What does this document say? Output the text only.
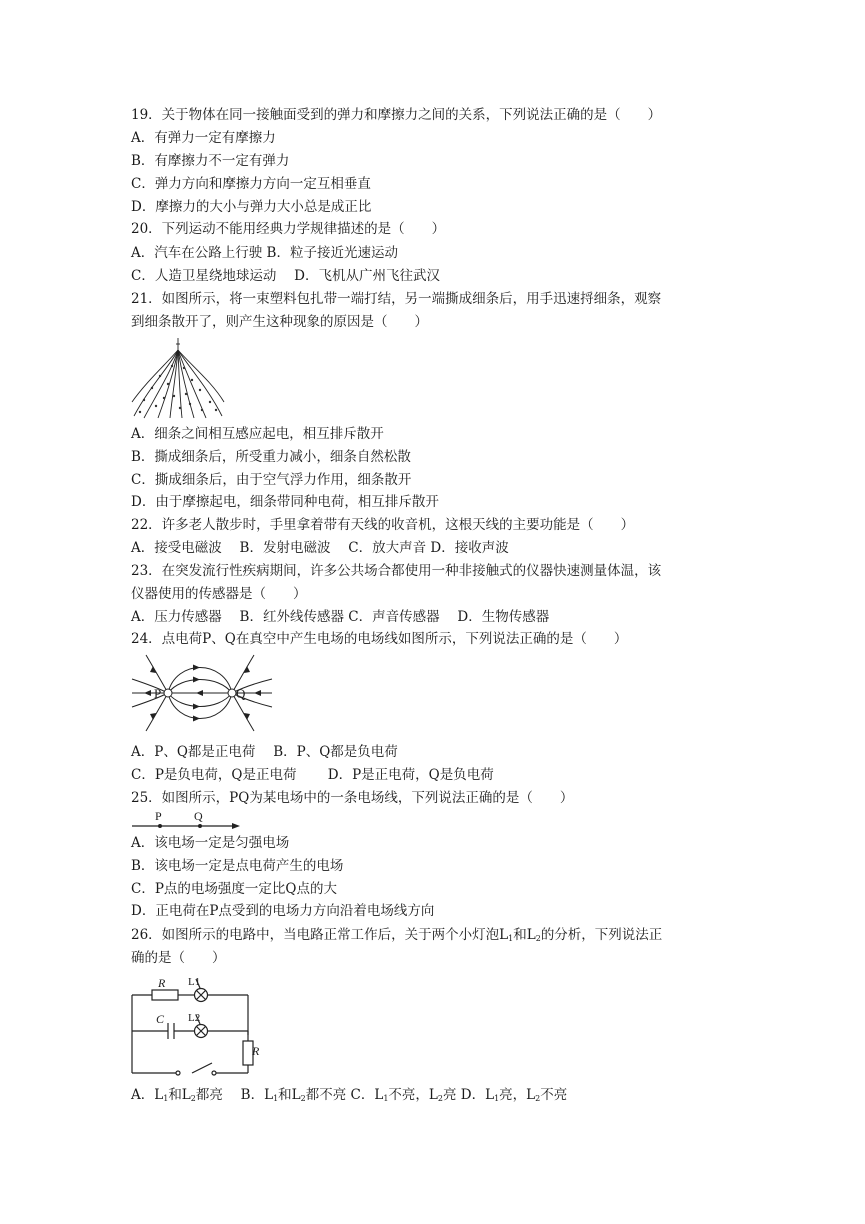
19．关于物体在同一接触面受到的弹力和摩擦力之间的关系，下列说法正确的是（　　）
A．有弹力一定有摩擦力
B．有摩擦力不一定有弹力
C．弹力方向和摩擦力方向一定互相垂直
D．摩擦力的大小与弹力大小总是成正比
20．下列运动不能用经典力学规律描述的是（　　）
A．汽车在公路上行驶 B．粒子接近光速运动
C．人造卫星绕地球运动　 D．飞机从广州飞往武汉
21．如图所示，将一束塑料包扎带一端打结，另一端撕成细条后，用手迅速捋细条，观察
到细条散开了，则产生这种现象的原因是（　　）
A．细条之间相互感应起电，相互排斥散开
B．撕成细条后，所受重力减小，细条自然松散
C．撕成细条后，由于空气浮力作用，细条散开
D．由于摩擦起电，细条带同种电荷，相互排斥散开
22．许多老人散步时，手里拿着带有天线的收音机，这根天线的主要功能是（　　）
A．接受电磁波　 B．发射电磁波　 C．放大声音 D．接收声波
23．在突发流行性疾病期间，许多公共场合都使用一种非接触式的仪器快速测量体温，该
仪器使用的传感器是（　　）
A．压力传感器　 B．红外线传感器 C．声音传感器　 D．生物传感器
24．点电荷P、Q在真空中产生电场的电场线如图所示，下列说法正确的是（　　）
P	Q
A．P、Q都是正电荷　 B．P、Q都是负电荷
C．P是负电荷，Q是正电荷　　 D．P是正电荷，Q是负电荷
25．如图所示，PQ为某电场中的一条电场线，下列说法正确的是（　　）
P	Q
A．该电场一定是匀强电场
B．该电场一定是点电荷产生的电场
C．P点的电场强度一定比Q点的大
D．正电荷在P点受到的电场力方向沿着电场线方向
26．如图所示的电路中，当电路正常工作后，关于两个小灯泡$L_1$和$L_2$的分析，下列说法正
确的是（　　）
R L1
C L2
R
A．$L_1$和$L_2$都亮　 B．$L_1$和$L_2$都不亮 C．$L_1$不亮，$L_2$亮 D．$L_1$亮，$L_2$不亮
